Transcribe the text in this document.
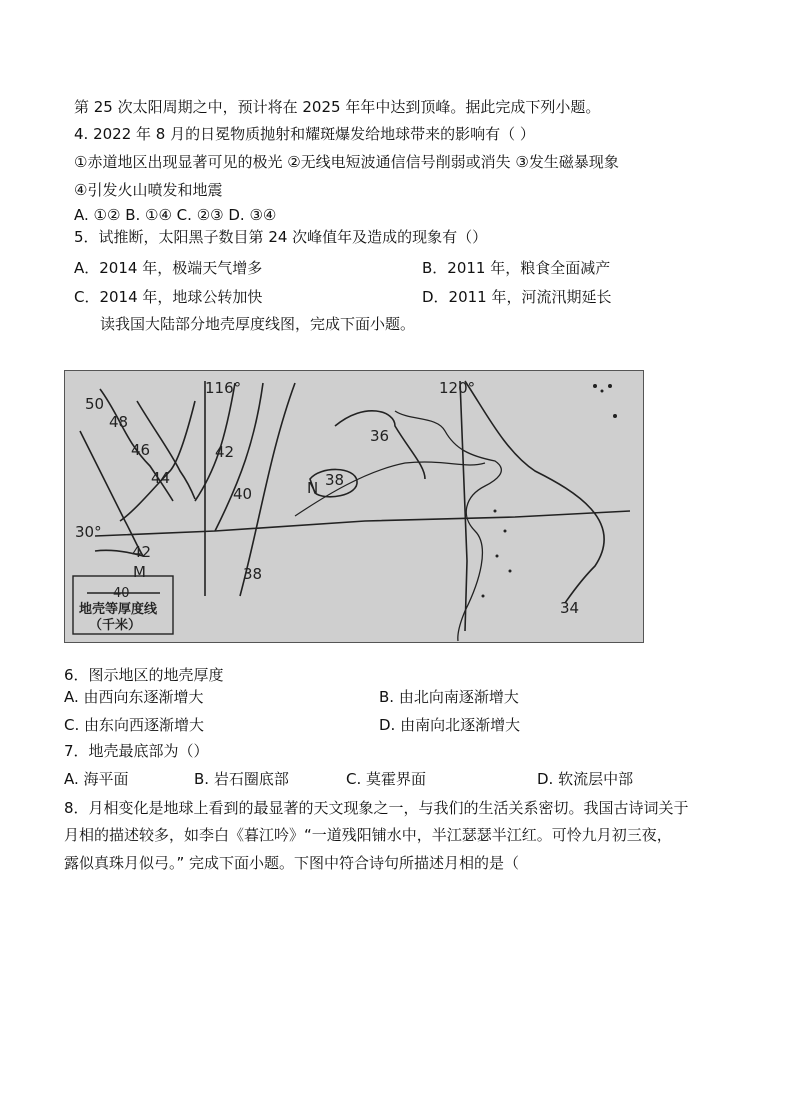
第 25 次太阳周期之中，预计将在 2025 年年中达到顶峰。据此完成下列小题。
4. 2022 年 8 月的日冕物质抛射和耀斑爆发给地球带来的影响有（ ）
①赤道地区出现显著可见的极光 ②无线电短波通信信号削弱或消失 ③发生磁暴现象
④引发火山喷发和地震
A. ①② B. ①④ C. ②③ D. ③④
5．试推断，太阳黑子数目第 24 次峰值年及造成的现象有（）
A．2014 年，极端天气增多	B．2011 年，粮食全面减产
C．2014 年，地球公转加快	D．2011 年，河流汛期延长
读我国大陆部分地壳厚度线图，完成下面小题。
116°	120°
30°
50
48
46
44
42
40
36
N 38
42
M	38
34
40
地壳等厚度线
（千米）
6．图示地区的地壳厚度
A. 由西向东逐渐增大	B. 由北向南逐渐增大
C. 由东向西逐渐增大	D. 由南向北逐渐增大
7．地壳最底部为（）
A. 海平面	B. 岩石圈底部	C. 莫霍界面	D. 软流层中部
8．月相变化是地球上看到的最显著的天文现象之一，与我们的生活关系密切。我国古诗词关于
月相的描述较多，如李白《暮江吟》“一道残阳铺水中，半江瑟瑟半江红。可怜九月初三夜，
露似真珠月似弓。” 完成下面小题。下图中符合诗句所描述月相的是（
